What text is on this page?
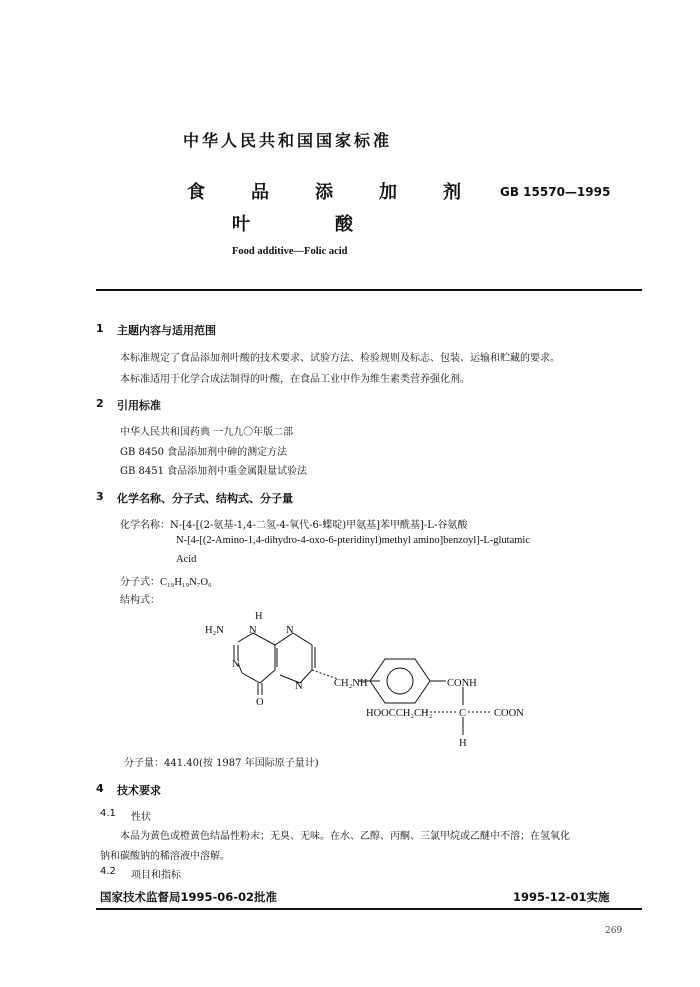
中华人民共和国国家标准
食品添加剂
叶酸
GB 15570—1995
Food additive—Folic acid
1 主题内容与适用范围
本标准规定了食品添加剂叶酸的技术要求、试验方法、检验规则及标志、包装、运输和贮藏的要求。
本标准适用于化学合成法制得的叶酸，在食品工业中作为维生素类营养强化剂。
2 引用标准
中华人民共和国药典 一九九〇年版二部
GB 8450 食品添加剂中砷的测定方法
GB 8451 食品添加剂中重金属限量试验法
3 化学名称、分子式、结构式、分子量
化学名称：N-[4-[(2-氨基-1,4-二氢-4-氧代-6-蝶啶)甲氨基]苯甲酰基]-L-谷氨酸
N-[4-[(2-Amino-1,4-dihydro-4-oxo-6-pteridinyl)methyl amino]benzoyl]-L-glutamic
Acid
分子式：C₁₉H₁₉N₇O₆
结构式：
H
H₂N N	N
N
O
N	CH₂NH	CONH
HOOCCH₂CH₂	C	COON
H
分子量：441.40(按 1987 年国际原子量计)
4 技术要求
4.1 性状
本品为黄色或橙黄色结晶性粉末；无臭、无味。在水、乙醇、丙酮、三氯甲烷或乙醚中不溶；在氢氧化
钠和碳酸钠的稀溶液中溶解。
4.2 项目和指标
国家技术监督局1995-06-02批准	1995-12-01实施
269
